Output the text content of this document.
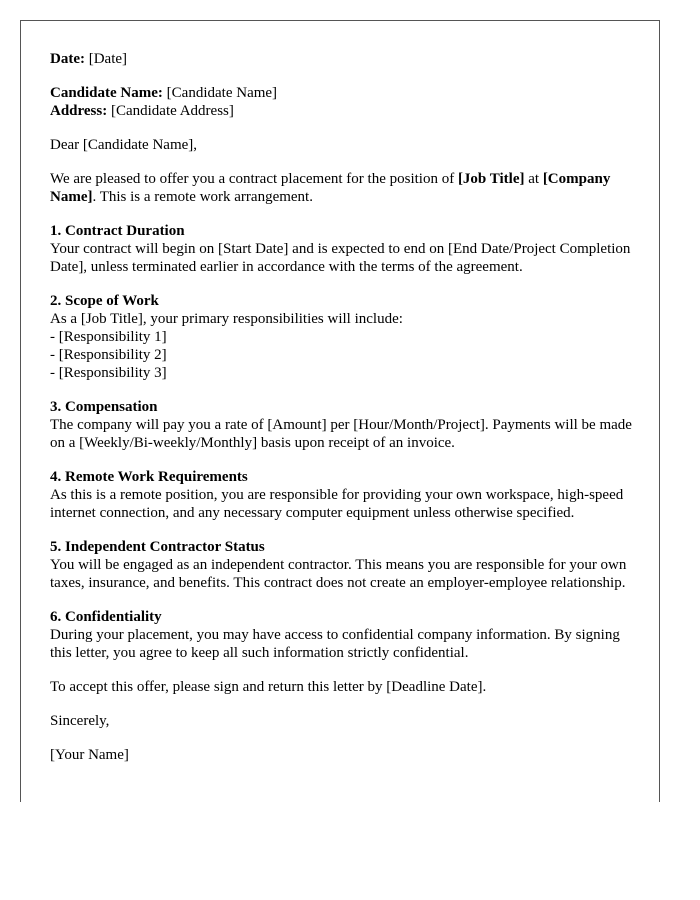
Date: [Date]

Candidate Name: [Candidate Name]
Address: [Candidate Address]

Dear [Candidate Name],

We are pleased to offer you a contract placement for the position of [Job Title] at [Company Name]. This is a remote work arrangement.

1. Contract Duration
Your contract will begin on [Start Date] and is expected to end on [End Date/Project Completion Date], unless terminated earlier in accordance with the terms of the agreement.

2. Scope of Work
As a [Job Title], your primary responsibilities will include:
- [Responsibility 1]
- [Responsibility 2]
- [Responsibility 3]

3. Compensation
The company will pay you a rate of [Amount] per [Hour/Month/Project]. Payments will be made on a [Weekly/Bi-weekly/Monthly] basis upon receipt of an invoice.

4. Remote Work Requirements
As this is a remote position, you are responsible for providing your own workspace, high-speed internet connection, and any necessary computer equipment unless otherwise specified.

5. Independent Contractor Status
You will be engaged as an independent contractor. This means you are responsible for your own taxes, insurance, and benefits. This contract does not create an employer-employee relationship.

6. Confidentiality
During your placement, you may have access to confidential company information. By signing this letter, you agree to keep all such information strictly confidential.

To accept this offer, please sign and return this letter by [Deadline Date].

Sincerely,

[Your Name]
